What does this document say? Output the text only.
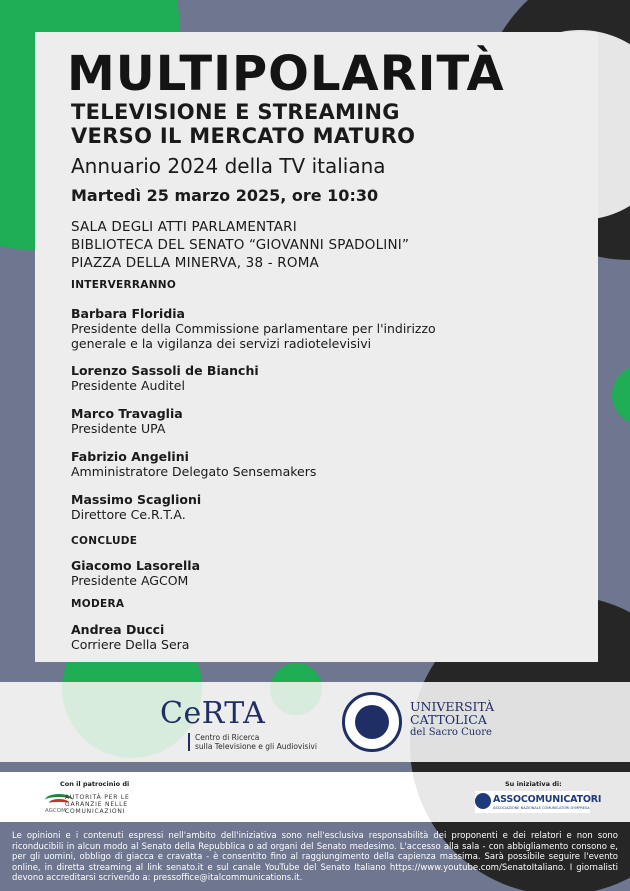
MULTIPOLARITÀ
TELEVISIONE E STREAMING
VERSO IL MERCATO MATURO
Annuario 2024 della TV italiana
Martedì 25 marzo 2025, ore 10:30
SALA DEGLI ATTI PARLAMENTARI
BIBLIOTECA DEL SENATO “GIOVANNI SPADOLINI”
PIAZZA DELLA MINERVA, 38 - ROMA
INTERVERRANNO
Barbara Floridia
Presidente della Commissione parlamentare per l'indirizzo
generale e la vigilanza dei servizi radiotelevisivi
Lorenzo Sassoli de Bianchi
Presidente Auditel
Marco Travaglia
Presidente UPA
Fabrizio Angelini
Amministratore Delegato Sensemakers
Massimo Scaglioni
Direttore Ce.R.T.A.
CONCLUDE
Giacomo Lasorella
Presidente AGCOM
MODERA
Andrea Ducci
Corriere Della Sera
CeRTA
Centro di Ricerca
sulla Televisione e gli Audiovisivi
UNIVERSITÀ
CATTOLICA
del Sacro Cuore
Con il patrocinio di
AUTORITÀ PER LE
GARANZIE NELLE
COMUNICAZIONI
AGCOM
Su iniziativa di:
ASSOCOMUNICATORI
ASSOCIAZIONE NAZIONALE COMUNICATORI D'IMPRESA
Le opinioni e i contenuti espressi nell'ambito dell'iniziativa sono nell'esclusiva responsabilità dei proponenti e dei relatori e non sono riconducibili in alcun modo al Senato della Repubblica o ad organi del Senato medesimo. L'accesso alla sala - con abbigliamento consono e, per gli uomini, obbligo di giacca e cravatta - è consentito fino al raggiungimento della capienza massima. Sarà possibile seguire l'evento online, in diretta streaming al link senato.it e sul canale YouTube del Senato Italiano https://www.youtube.com/SenatoItaliano. I giornalisti devono accreditarsi scrivendo a: pressoffice@italcommunications.it.
